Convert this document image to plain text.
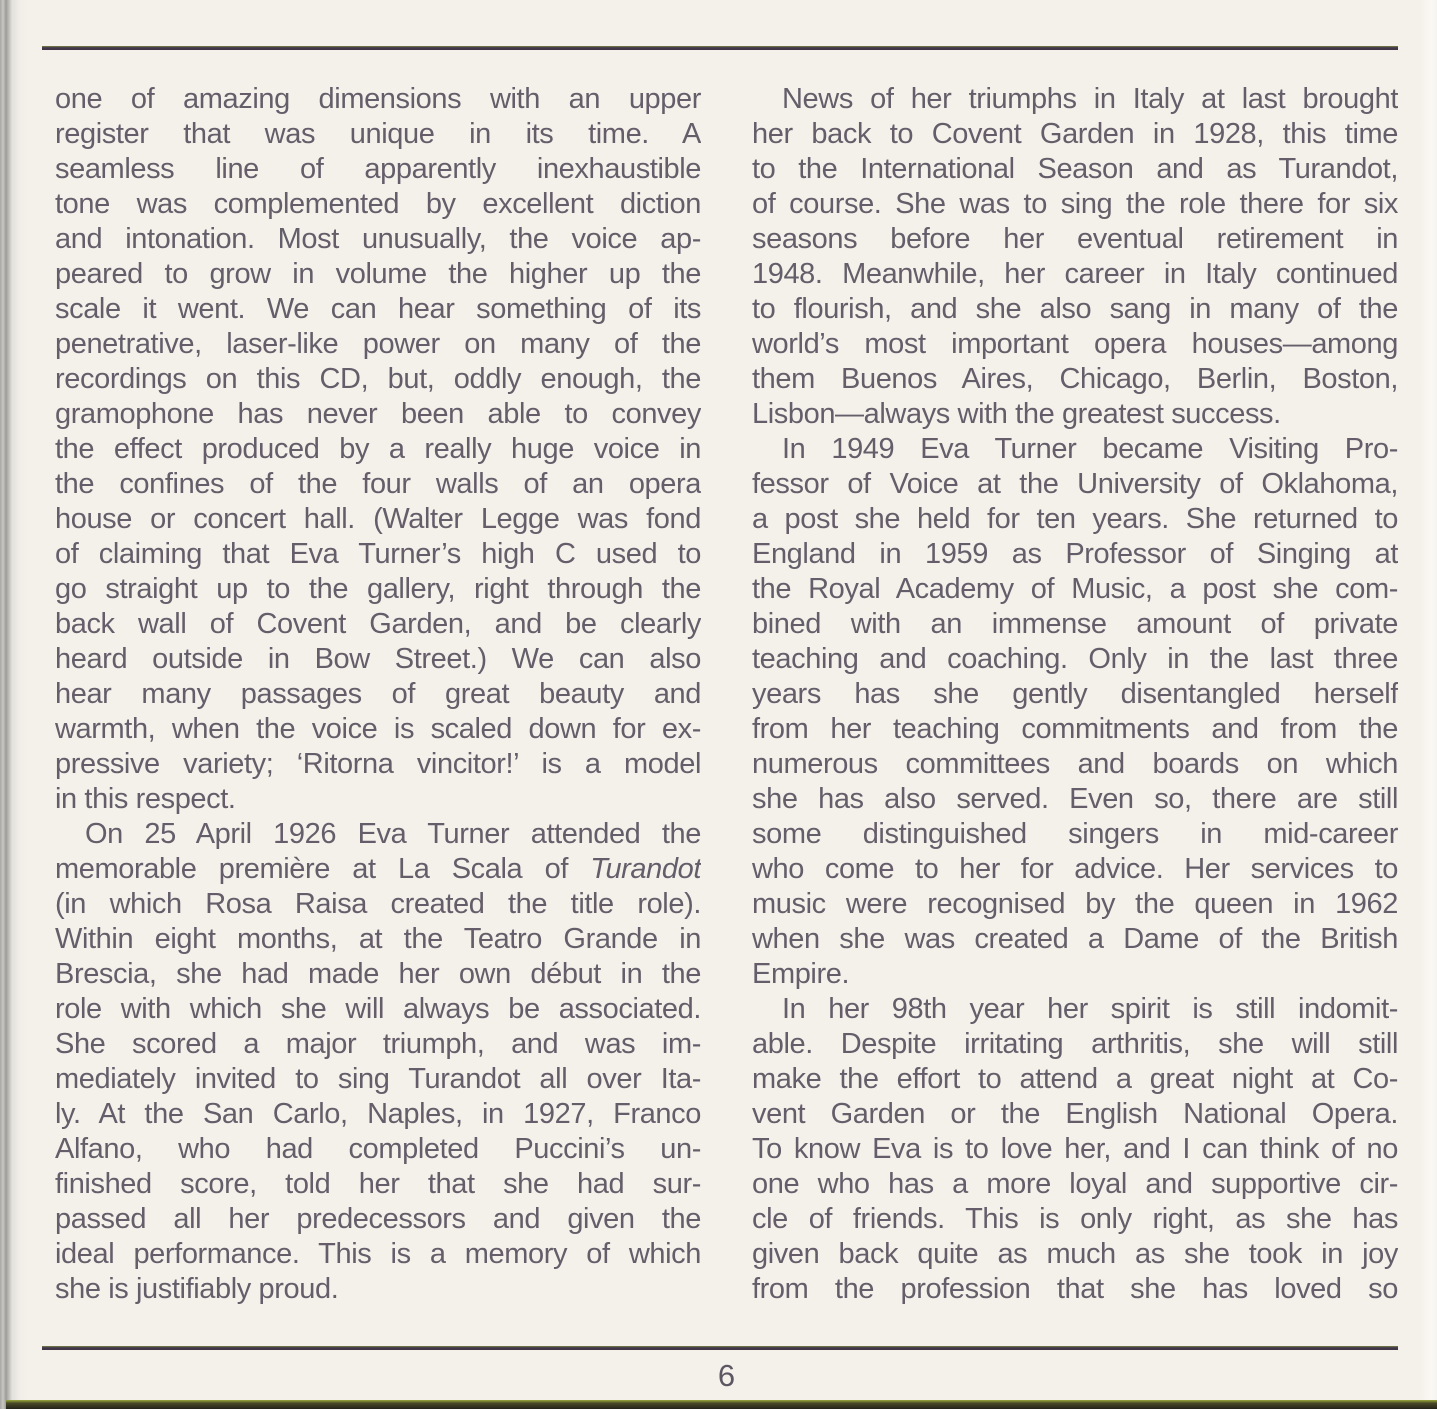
one of amazing dimensions with an upper
register that was unique in its time. A
seamless line of apparently inexhaustible
tone was complemented by excellent diction
and intonation. Most unusually, the voice ap-
peared to grow in volume the higher up the
scale it went. We can hear something of its
penetrative, laser-like power on many of the
recordings on this CD, but, oddly enough, the
gramophone has never been able to convey
the effect produced by a really huge voice in
the confines of the four walls of an opera
house or concert hall. (Walter Legge was fond
of claiming that Eva Turner’s high C used to
go straight up to the gallery, right through the
back wall of Covent Garden, and be clearly
heard outside in Bow Street.) We can also
hear many passages of great beauty and
warmth, when the voice is scaled down for ex-
pressive variety; ‘Ritorna vincitor!’ is a model
in this respect.
On 25 April 1926 Eva Turner attended the
memorable première at La Scala of Turandot
(in which Rosa Raisa created the title role).
Within eight months, at the Teatro Grande in
Brescia, she had made her own début in the
role with which she will always be associated.
She scored a major triumph, and was im-
mediately invited to sing Turandot all over Ita-
ly. At the San Carlo, Naples, in 1927, Franco
Alfano, who had completed Puccini’s un-
finished score, told her that she had sur-
passed all her predecessors and given the
ideal performance. This is a memory of which
she is justifiably proud.
News of her triumphs in Italy at last brought
her back to Covent Garden in 1928, this time
to the International Season and as Turandot,
of course. She was to sing the role there for six
seasons before her eventual retirement in
1948. Meanwhile, her career in Italy continued
to flourish, and she also sang in many of the
world’s most important opera houses—among
them Buenos Aires, Chicago, Berlin, Boston,
Lisbon—always with the greatest success.
In 1949 Eva Turner became Visiting Pro-
fessor of Voice at the University of Oklahoma,
a post she held for ten years. She returned to
England in 1959 as Professor of Singing at
the Royal Academy of Music, a post she com-
bined with an immense amount of private
teaching and coaching. Only in the last three
years has she gently disentangled herself
from her teaching commitments and from the
numerous committees and boards on which
she has also served. Even so, there are still
some distinguished singers in mid-career
who come to her for advice. Her services to
music were recognised by the queen in 1962
when she was created a Dame of the British
Empire.
In her 98th year her spirit is still indomit-
able. Despite irritating arthritis, she will still
make the effort to attend a great night at Co-
vent Garden or the English National Opera.
To know Eva is to love her, and I can think of no
one who has a more loyal and supportive cir-
cle of friends. This is only right, as she has
given back quite as much as she took in joy
from the profession that she has loved so
6
